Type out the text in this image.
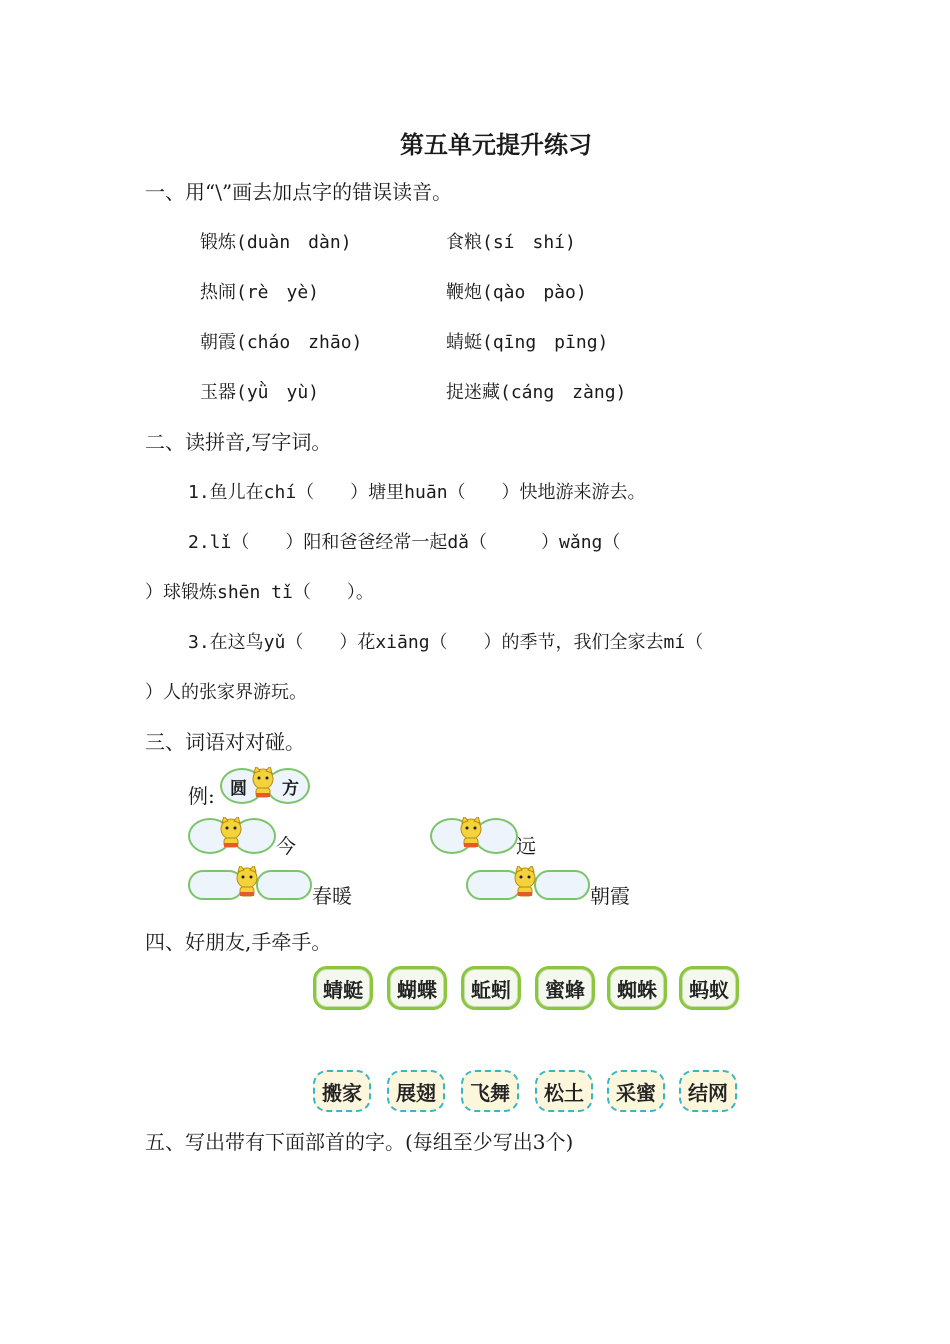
第五单元提升练习
一、用“\”画去加点字的错误读音。
锻炼(duàn　dàn)	食粮(sí　shí)
热闹(rè　yè)	鞭炮(qào　pào)
朝霞(cháo　zhāo)	蜻蜓(qīng　pīng)
玉器(yǜ　yù)	捉迷藏(cáng　zàng)
二、读拼音,写字词。
1.鱼儿在chí（　　）塘里huān（　　）快地游来游去。
2.lǐ（　　）阳和爸爸经常一起dǎ（　　　）wǎng（
）球锻炼shēn tǐ（　　）。
3.在这鸟yǔ（　　）花xiāng（　　）的季节，我们全家去mí（
）人的张家界游玩。
三、词语对对碰。
例: 圆 方
今	远
春暖	朝霞
四、好朋友,手牵手。
蜻蜓	蝴蝶	蚯蚓	蜜蜂	蜘蛛	蚂蚁
搬家	展翅	飞舞	松土	采蜜	结网
五、写出带有下面部首的字。(每组至少写出3个)
